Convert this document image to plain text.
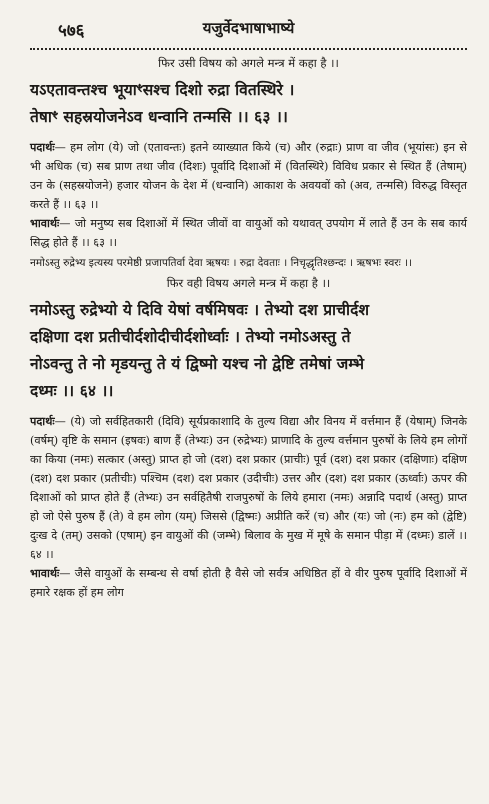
५७६	यजुर्वेदभाषाभाष्ये
फिर उसी विषय को अगले मन्त्र में कहा है ।।

यऽएतावन्तश्च भूयाꣳसश्च दिशो रुद्रा वितस्थिरे ।

तेषाꣳ सहस्रयोजनेऽव धन्वानि तन्मसि ।। ६३ ।।

पदार्थः— हम लोग (ये) जो (एतावन्तः) इतने व्याख्यात किये (च) और (रुद्राः) प्राण वा जीव (भूयांसः) इन से भी अधिक (च) सब प्राण तथा जीव (दिशः) पूर्वादि दिशाओं में (वितस्थिरे) विविध प्रकार से स्थित हैं (तेषाम्) उन के (सहस्रयोजने) हजार योजन के देश में (धन्वानि) आकाश के अवयवों को (अव, तन्मसि) विरुद्ध विस्तृत करते हैं ।। ६३ ।।

भावार्थः— जो मनुष्य सब दिशाओं में स्थित जीवों वा वायुओं को यथावत् उपयोग में लाते हैं उन के सब कार्य सिद्ध होते हैं ।। ६३ ।।

नमोऽस्तु रुद्रेभ्य इत्यस्य परमेष्ठी प्रजापतिर्वा देवा ऋषयः । रुद्रा देवताः । निचृद्धृतिश्छन्दः । ऋषभः स्वरः ।।

फिर वही विषय अगले मन्त्र में कहा है ।।

नमोऽस्तु रुद्रेभ्यो ये दिवि येषां वर्षमिषवः । तेभ्यो दश प्राचीर्दश

दक्षिणा दश प्रतीचीर्दशोदीचीर्दशोर्ध्वाः । तेभ्यो नमोऽअस्तु ते

नोऽवन्तु ते नो मृडयन्तु ते यं द्विष्मो यश्च नो द्वेष्टि तमेषां जम्भे

दध्मः ।। ६४ ।।

पदार्थः— (ये) जो सर्वहितकारी (दिवि) सूर्यप्रकाशादि के तुल्य विद्या और विनय में वर्त्तमान हैं (येषाम्) जिनके (वर्षम्) वृष्टि के समान (इषवः) बाण हैं (तेभ्यः) उन (रुद्रेभ्यः) प्राणादि के तुल्य वर्त्तमान पुरुषों के लिये हम लोगों का किया (नमः) सत्कार (अस्तु) प्राप्त हो जो (दश) दश प्रकार (प्राचीः) पूर्व (दश) दश प्रकार (दक्षिणाः) दक्षिण (दश) दश प्रकार (प्रतीचीः) पश्चिम (दश) दश प्रकार (उदीचीः) उत्तर और (दश) दश प्रकार (ऊर्ध्वाः) ऊपर की दिशाओं को प्राप्त होते हैं (तेभ्यः) उन सर्वहितैषी राजपुरुषों के लिये हमारा (नमः) अन्नादि पदार्थ (अस्तु) प्राप्त हो जो ऐसे पुरुष हैं (ते) वे हम लोग (यम्) जिससे (द्विष्मः) अप्रीति करें (च) और (यः) जो (नः) हम को (द्वेष्टि) दुःख दे (तम्) उसको (एषाम्) इन वायुओं की (जम्भे) बिलाव के मुख में मूषे के समान पीड़ा में (दध्मः) डालें ।। ६४ ।।

भावार्थः— जैसे वायुओं के सम्बन्ध से वर्षा होती है वैसे जो सर्वत्र अधिष्ठित हों वे वीर पुरुष पूर्वादि दिशाओं में हमारे रक्षक हों हम लोग
